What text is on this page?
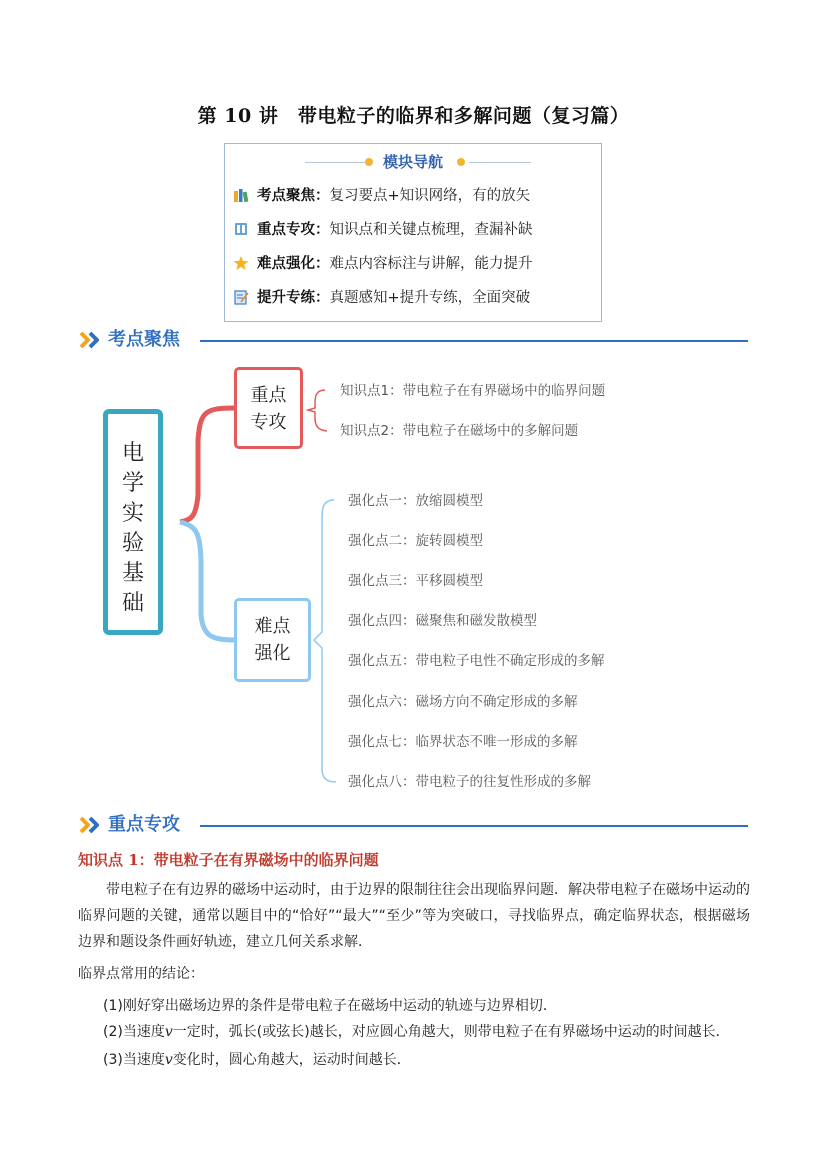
第 10 讲　带电粒子的临界和多解问题（复习篇）
模块导航
考点聚焦：复习要点+知识网络，有的放矢
重点专攻：知识点和关键点梳理，查漏补缺
难点强化：难点内容标注与讲解，能力提升
提升专练：真题感知+提升专练，全面突破
考点聚焦
电
学
实
验
基
础
重点
专攻
难点
强化
知识点1：带电粒子在有界磁场中的临界问题
知识点2：带电粒子在磁场中的多解问题
强化点一：放缩圆模型
强化点二：旋转圆模型
强化点三：平移圆模型
强化点四：磁聚焦和磁发散模型
强化点五：带电粒子电性不确定形成的多解
强化点六：磁场方向不确定形成的多解
强化点七：临界状态不唯一形成的多解
强化点八：带电粒子的往复性形成的多解
重点专攻
知识点 1：带电粒子在有界磁场中的临界问题
带电粒子在有边界的磁场中运动时，由于边界的限制往往会出现临界问题．解决带电粒子在磁场中运动的临界问题的关键，通常以题目中的“恰好”“最大”“至少”等为突破口，寻找临界点，确定临界状态，根据磁场边界和题设条件画好轨迹，建立几何关系求解．
临界点常用的结论：
(1)刚好穿出磁场边界的条件是带电粒子在磁场中运动的轨迹与边界相切．
(2)当速度v一定时，弧长(或弦长)越长，对应圆心角越大，则带电粒子在有界磁场中运动的时间越长．
(3)当速度v变化时，圆心角越大，运动时间越长．
